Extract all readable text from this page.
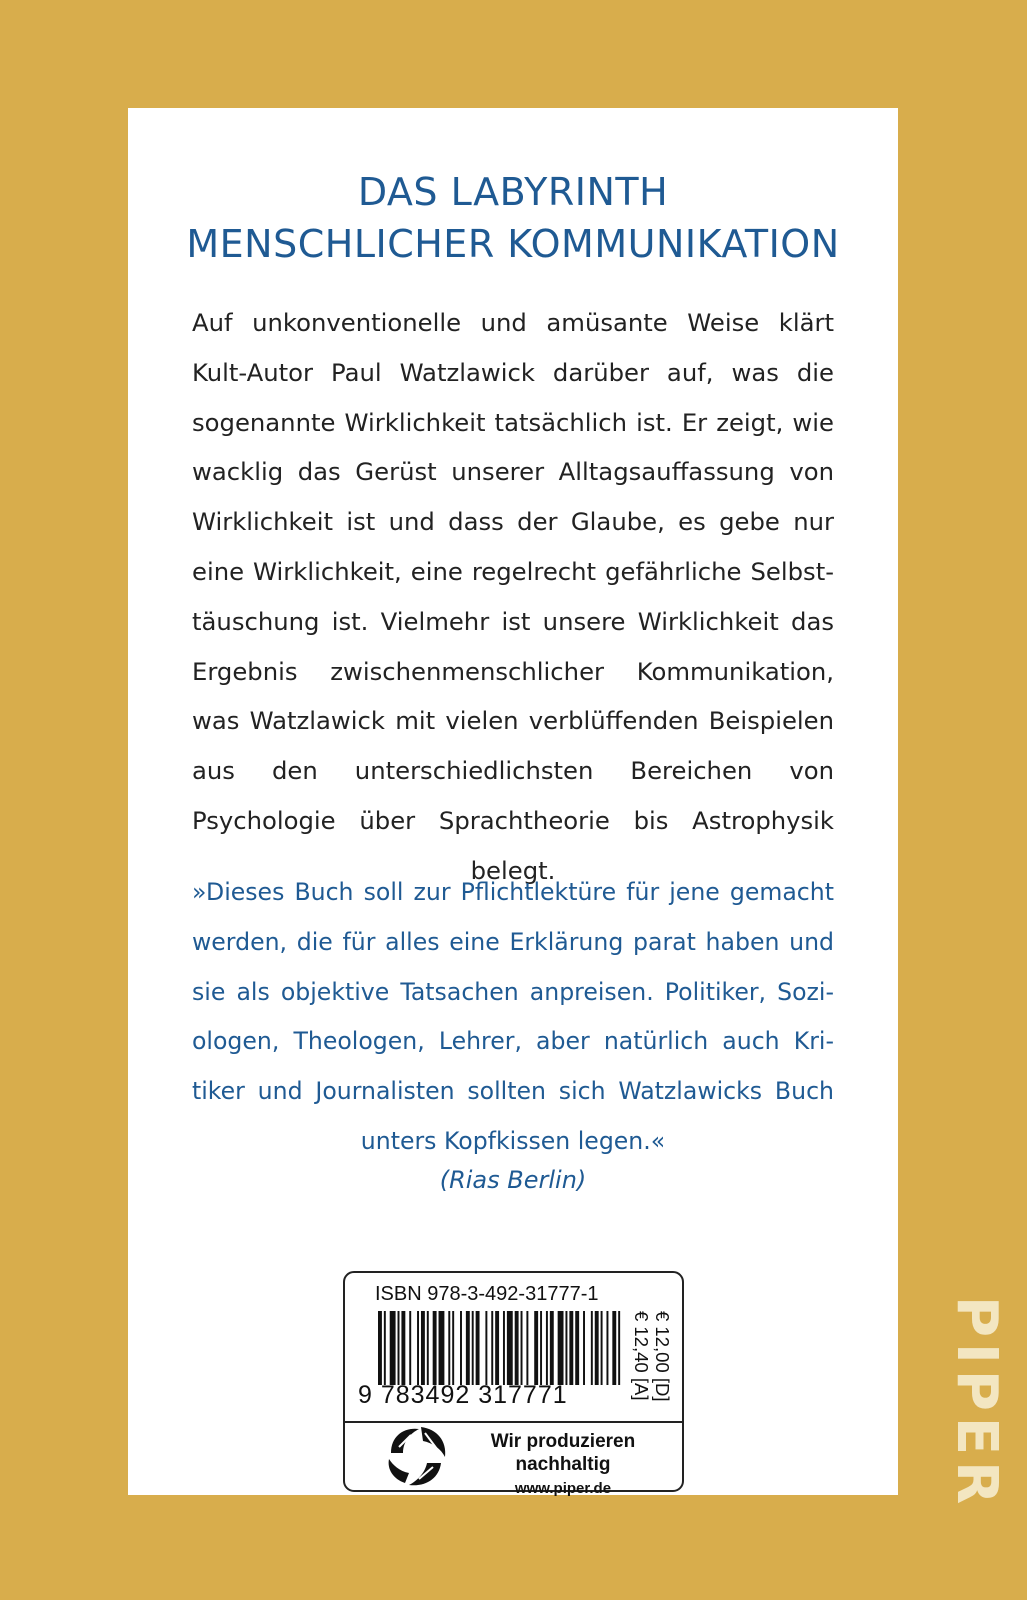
DAS LABYRINTH
MENSCHLICHER KOMMUNIKATION
Auf unkonventionelle und amüsante Weise klärt Kult-Autor Paul Watzlawick darüber auf, was die sogenannte Wirklichkeit tatsächlich ist. Er zeigt, wie wacklig das Gerüst unserer Alltagsauffassung von Wirklichkeit ist und dass der Glaube, es gebe nur eine Wirklichkeit, eine regelrecht gefährliche Selbst-täuschung ist. Vielmehr ist unsere Wirklichkeit das Ergebnis zwischenmenschlicher Kommunikation, was Watzlawick mit vielen verblüffenden Beispielen aus den unterschiedlichsten Bereichen von Psychologie über Sprachtheorie bis Astrophysik belegt.
»Dieses Buch soll zur Pflichtlektüre für jene gemacht werden, die für alles eine Erklärung parat haben und sie als objektive Tatsachen anpreisen. Politiker, Sozi-ologen, Theologen, Lehrer, aber natürlich auch Kri-tiker und Journalisten sollten sich Watzlawicks Buch unters Kopfkissen legen.«
(Rias Berlin)
ISBN 978-3-492-31777-1
9 783492 317771	€ 12,00 [D]
€ 12,40 [A]
Wir produzieren
nachhaltig
www.piper.de	PIPER
